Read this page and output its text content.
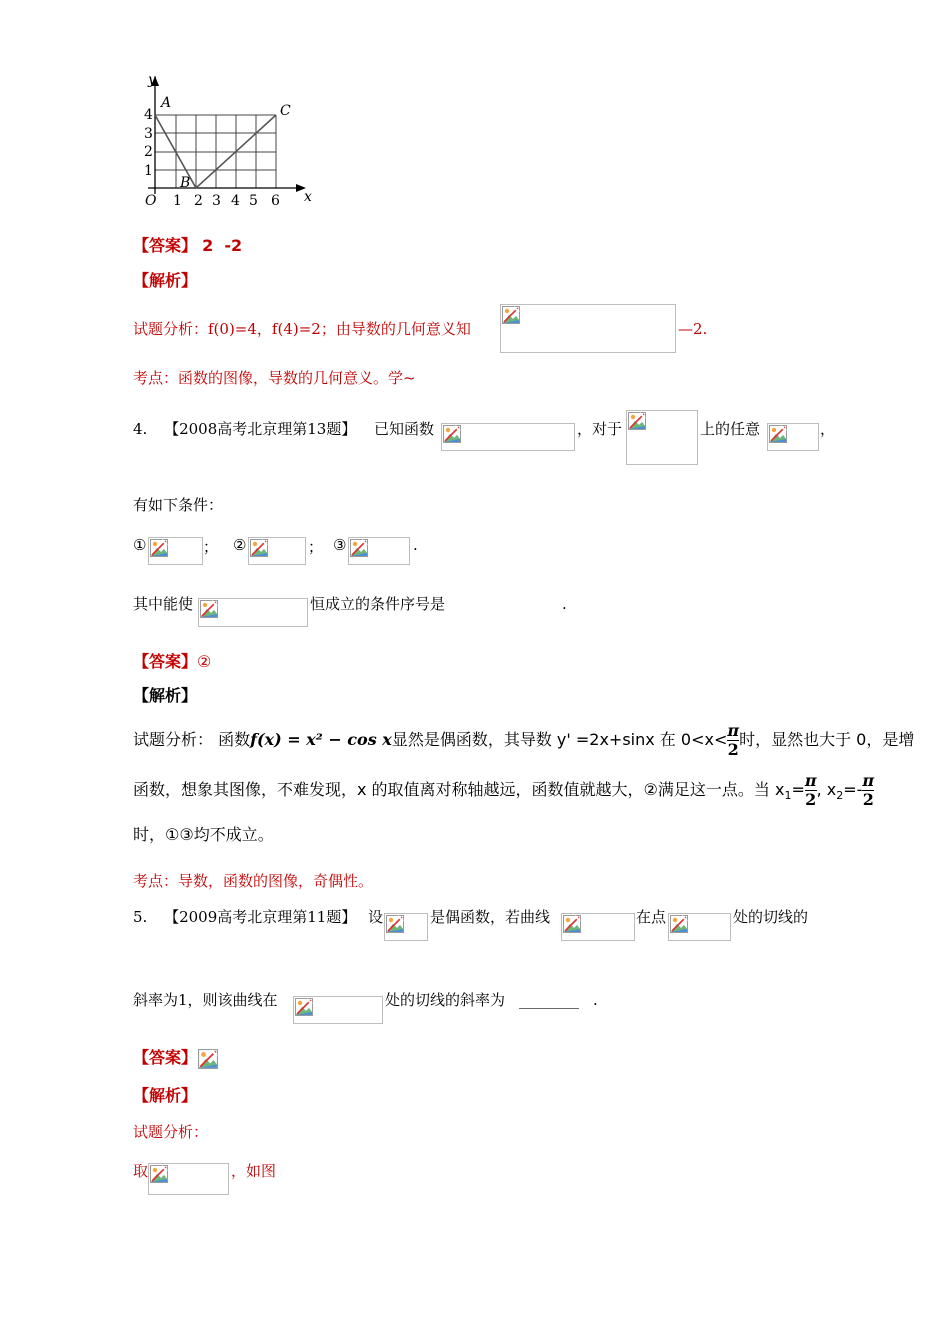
y
x
O
4
3
2
1
1 2 3 4 5 6
A
B
C
【答案】 2  -2
【解析】
试题分析：f(0)=4，f(4)=2；由导数的几何意义知	—2.
考点：函数的图像，导数的几何意义。学~
4. 【2008高考北京理第13题】 已知函数	，对于	上的任意	，
有如下条件：
①	； ②	； ③	.
其中能使	恒成立的条件序号是	.
【答案】②
【解析】
试题分析： 函数f(x) = x² − cos x显然是偶函数，其导数 y' =2x+sinx 在 $0<x< \frac{\pi}{2}$ 时，显然也大于 0，是增
函数，想象其图像，不难发现，x 的取值离对称轴越远，函数值就越大，②满足这一点。当 $x_1= \frac{\pi}{2}$ , $x_2=- \frac{\pi}{2}$
时，①③均不成立。
考点：导数，函数的图像，奇偶性。
5. 【2009高考北京理第11题】 设	是偶函数，若曲线	在点	处的切线的
斜率为1，则该曲线在	处的切线的斜率为 ________ .
【答案】
【解析】
试题分析：
取	，如图
